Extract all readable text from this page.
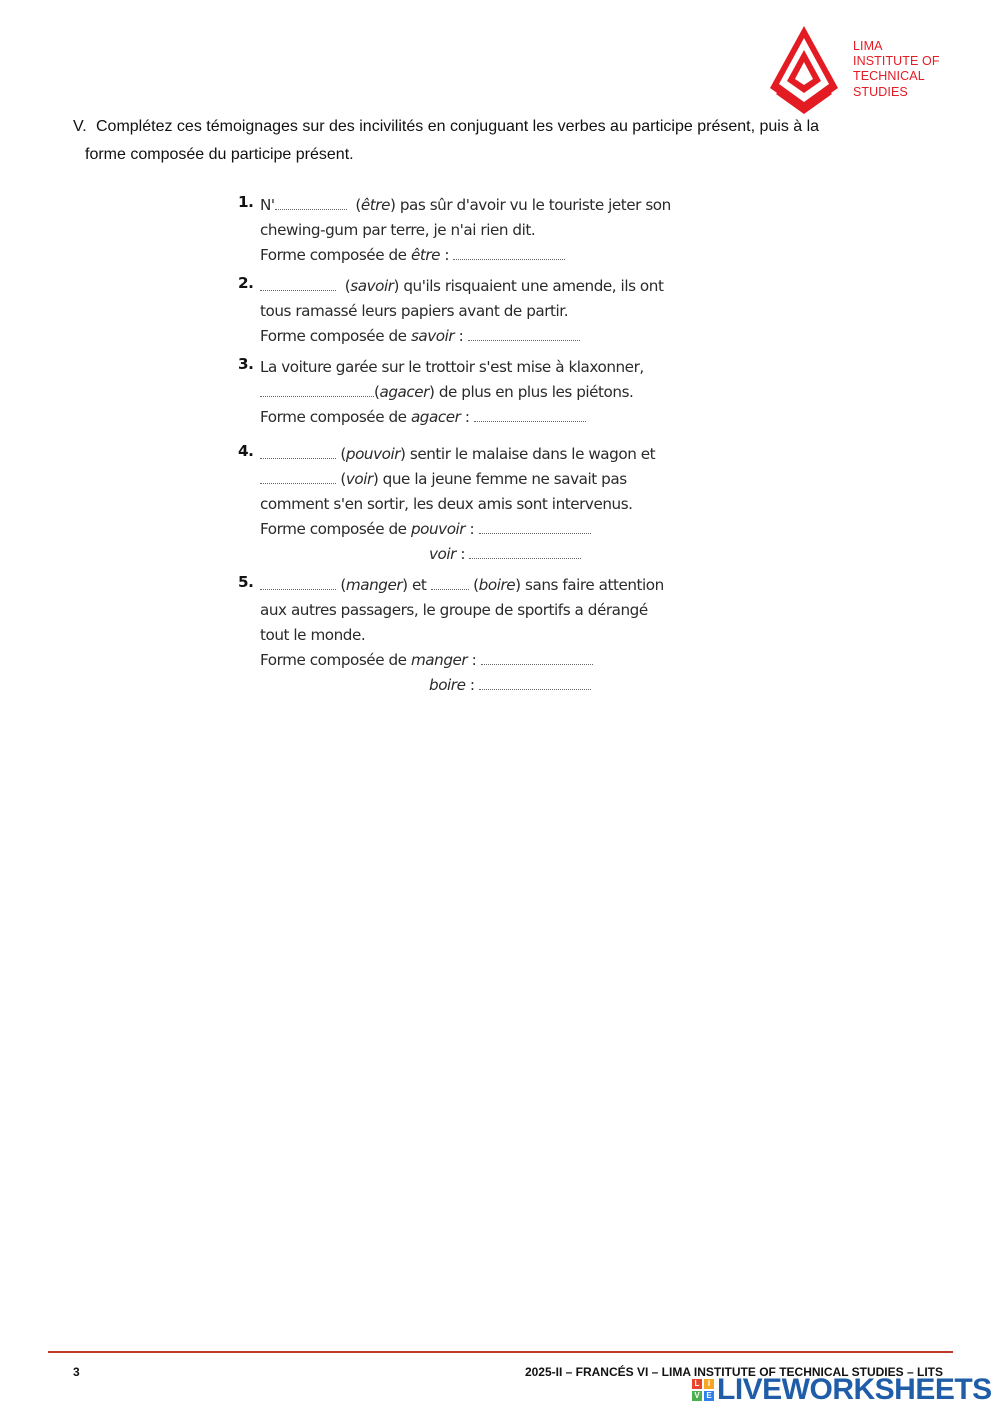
LIMA
INSTITUTE OF
TECHNICAL
STUDIES
V. Complétez ces témoignages sur des incivilités en conjuguant les verbes au participe présent, puis à la
forme composée du participe présent.
1. N'	(être) pas sûr d'avoir vu le touriste jeter son
chewing-gum par terre, je n'ai rien dit.
Forme composée de être :
2.	(savoir) qu'ils risquaient une amende, ils ont
tous ramassé leurs papiers avant de partir.
Forme composée de savoir :
3. La voiture garée sur le trottoir s'est mise à klaxonner,
(agacer) de plus en plus les piétons.
Forme composée de agacer :
4.	(pouvoir) sentir le malaise dans le wagon et
(voir) que la jeune femme ne savait pas
comment s'en sortir, les deux amis sont intervenus.
Forme composée de pouvoir :
voir :
5.	(manger) et	(boire) sans faire attention
aux autres passagers, le groupe de sportifs a dérangé
tout le monde.
Forme composée de manger :
boire :
3	2025-II – FRANCÉS VI – LIMA INSTITUTE OF TECHNICAL STUDIES – LITS
L	I
V E LIVEWORKSHEETS
